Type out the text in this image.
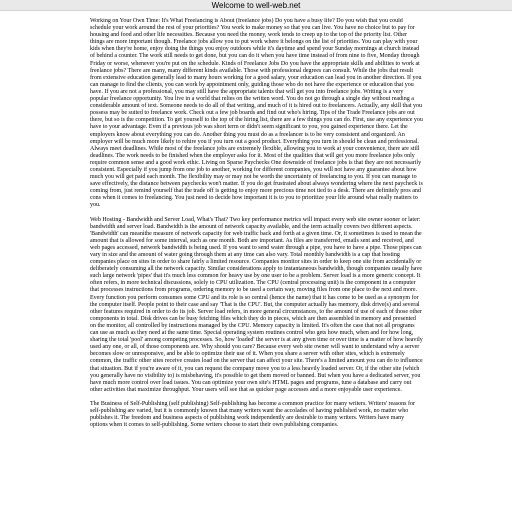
Welcome to well-web.net

Working on Your Own Time: It's What Freelancing is About (freelance jobs) Do you have a busy life? Do you wish that you could schedule your work around the rest of your priorities? You work to make money so that you can live. You have no choice but to pay for housing and food and other life necessities. Because you need the money, work tends to creep up to the top of the priority list. Other things are more important though. Freelance jobs allow you to put work where it belongs on the list of priorities. You can play with your kids when they're home, enjoy doing the things you enjoy outdoors while it's daytime and spend your Sunday mornings at church instead of behind a counter. The work still needs to get done, but you can do it when you have time instead of from nine to five, Monday through Friday or worse, whenever you're put on the schedule. Kinds of Freelance Jobs Do you have the appropriate skills and abilities to work at freelance jobs? There are many, many different kinds available. Those with professional degrees can consult. While the jobs that result from extensive education generally lead to many hours working for a good salary, your education can lead you in another direction. If you can manage to find the clients, you can work by appointment only, guiding those who do not have the experience or education that you have. If you are not a professional, you may still have the appropriate talents that will get you into freelance jobs. Writing is a very popular freelance opportunity. You live in a world that relies on the written word. You do not go through a single day without reading a considerable amount of text. Someone needs to do all of that writing, and much of it is hired out to freelancers. Actually, any skill that you possess may be suited to freelance work. Check out a few job boards and find out who's hiring. Tips of the Trade Freelance jobs are out there, but so is the competition. To get yourself to the top of the hiring list, there are a few things you can do. First, use any experience you have to your advantage. Even if a previous job was short term or didn't seem significant to you, you gained experience there. Let the employers know about everything you can do. Another thing you must do as a freelancer is to be very consistent and organized. An employer will be much more likely to rehire you if you turn out a good product. Everything you turn in should be clean and professional. Always meet deadlines. While most of the freelance jobs are extremely flexible, allowing you to work at your convenience, there are still deadlines. The work needs to be finished when the employer asks for it. Most of the qualities that will get you more freelance jobs only require common sense and a good work ethic. Living on Sparse Paychecks One downside of freelance jobs is that they are not necessarily consistent. Especially if you jump from one job to another, working for different companies, you will not have any guarantee about how much you will get paid each month. The flexibility may or may not be worth the uncertainty of freelancing to you. If you can manage to save effectively, the distance between paychecks won't matter. If you do get frustrated about always wondering where the next paycheck is coming from, just remind yourself that the trade off is getting to enjoy more precious time not tied to a desk. There are definitely pros and cons when it comes to freelancing. You just need to decide how important it is to you to prioritize your life around what really matters to you.

Web Hosting - Bandwidth and Server Load, What's That? Two key performance metrics will impact every web site owner sooner or later: bandwidth and server load. Bandwidth is the amount of network capacity available, and the term actually covers two different aspects. 'Bandwidth' can meanìthe measure of network capacity for web traffic back and forth at a given time. Or, it sometimes is used to mean the amount that is allowed for some interval, such as one month. Both are important. As files are transferred, emails sent and received, and web pages accessed, network bandwidth is being used. If you want to send water through a pipe, you have to have a pipe. Those pipes can vary in size and the amount of water going through them at any time can also vary. Total monthly bandwidth is a cap that hosting companies place on sites in order to share fairly a limited resource. Companies monitor sites in order to keep one site from accidentally or deliberately consuming all the network capacity. Similar considerations apply to instantaneous bandwidth, though companies usually have such large network 'pipes' that it's much less common for heavy use by one user to be a problem. Server load is a more generic concept. It often refers, in more technical discussions, solely to CPU utilization. The CPU (central processing unit) is the component in a computer that processes instructions from programs, ordering memory to be used a certain way, moving files from one place to the next and more. Every function you perform consumes some CPU and its role is so central (hence the name) that it has come to be used as a synonym for the computer itself. People point to their case and say 'That is the CPU'. But, the computer actually has memory, disk drive(s) and several other features required in order to do its job. Server load refers, in more general circumstances, to the amount of use of each of those other components in total. Disk drives can be busy fetching files which they do in pieces, which are then assembled in memory and presented on the monitor, all controlled by instructions managed by the CPU. Memory capacity is limited. It's often the case that not all programs can use as much as they need at the same time. Special operating system routines control who gets how much, when and for how long, sharing the total 'pool' among competing processes. So, how 'loaded' the server is at any given time or over time is a matter of how heavily used any one, or all, of those components are. Why should you care? Because every web site owner will want to understand why a server becomes slow or unresponsive, and be able to optimize their use of it. When you share a server with other sites, which is extremely common, the traffic other sites receive creates load on the server that can affect your site. There's a limited amount you can do to influence that situation. But if you're aware of it, you can request the company move you to a less heavily loaded server. Or, if the other site (which you generally have no visibility to) is misbehaving, it's possible to get them moved or banned. But when you have a dedicated server, you have much more control over load issues. You can optimize your own site's HTML pages and programs, tune a database and carry out other activities that maximize throughput. Your users will see that as quicker page accesses and a more enjoyable user experience.

The Business of Self-Publishing (self publishing) Self-publishing has become a common practice for many writers. Writers' reasons for self-publishing are varied, but it is commonly known that many writers want the accolades of having published work, no matter who publishes it. The freedom and business aspects of publishing work independently are desirable to many writers. Writers have many options when it comes to self-publishing. Some writers choose to start their own publishing companies.
